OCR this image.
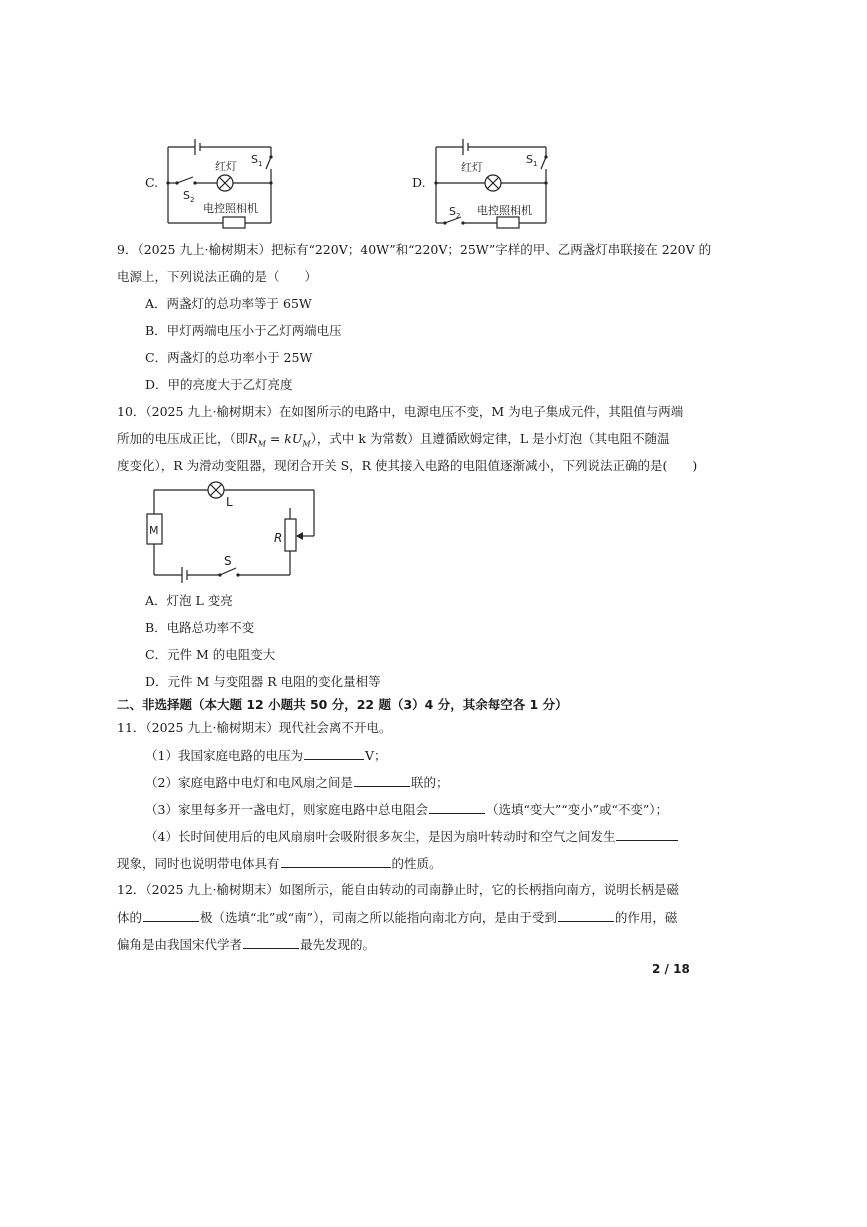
C.
红灯
$S_1$
$S_2$
电控照相机
D.
红灯
$S_1$
$S_2$ 电控照相机
9．（2025 九上·榆树期末）把标有“220V；40W”和“220V；25W”字样的甲、乙两盏灯串联接在 220V 的
电源上，下列说法正确的是（　　）
A．两盏灯的总功率等于 65W
B．甲灯两端电压小于乙灯两端电压
C．两盏灯的总功率小于 25W
D．甲的亮度大于乙灯亮度
10．（2025 九上·榆树期末）在如图所示的电路中，电源电压不变，M 为电子集成元件，其阻值与两端
所加的电压成正比，（即$R_M = kU_M$），式中 k 为常数）且遵循欧姆定律，L 是小灯泡（其电阻不随温
度变化），R 为滑动变阻器，现闭合开关 S，R 使其接入电路的电阻值逐渐减小，下列说法正确的是(　　)
L
M
R
S
A．灯泡 L 变亮
B．电路总功率不变
C．元件 M 的电阻变大
D．元件 M 与变阻器 R 电阻的变化量相等
二、非选择题（本大题 12 小题共 50 分，22 题（3）4 分，其余每空各 1 分）
11．（2025 九上·榆树期末）现代社会离不开电。
（1）我国家庭电路的电压为	V；
（2）家庭电路中电灯和电风扇之间是	联的；
（3）家里每多开一盏电灯，则家庭电路中总电阻会	（选填“变大”“变小”或“不变”）；
（4）长时间使用后的电风扇扇叶会吸附很多灰尘，是因为扇叶转动时和空气之间发生
现象，同时也说明带电体具有	的性质。
12．（2025 九上·榆树期末）如图所示，能自由转动的司南静止时，它的长柄指向南方，说明长柄是磁
体的	极（选填“北”或“南”），司南之所以能指向南北方向，是由于受到	的作用，磁
偏角是由我国宋代学者	最先发现的。
2 / 18
